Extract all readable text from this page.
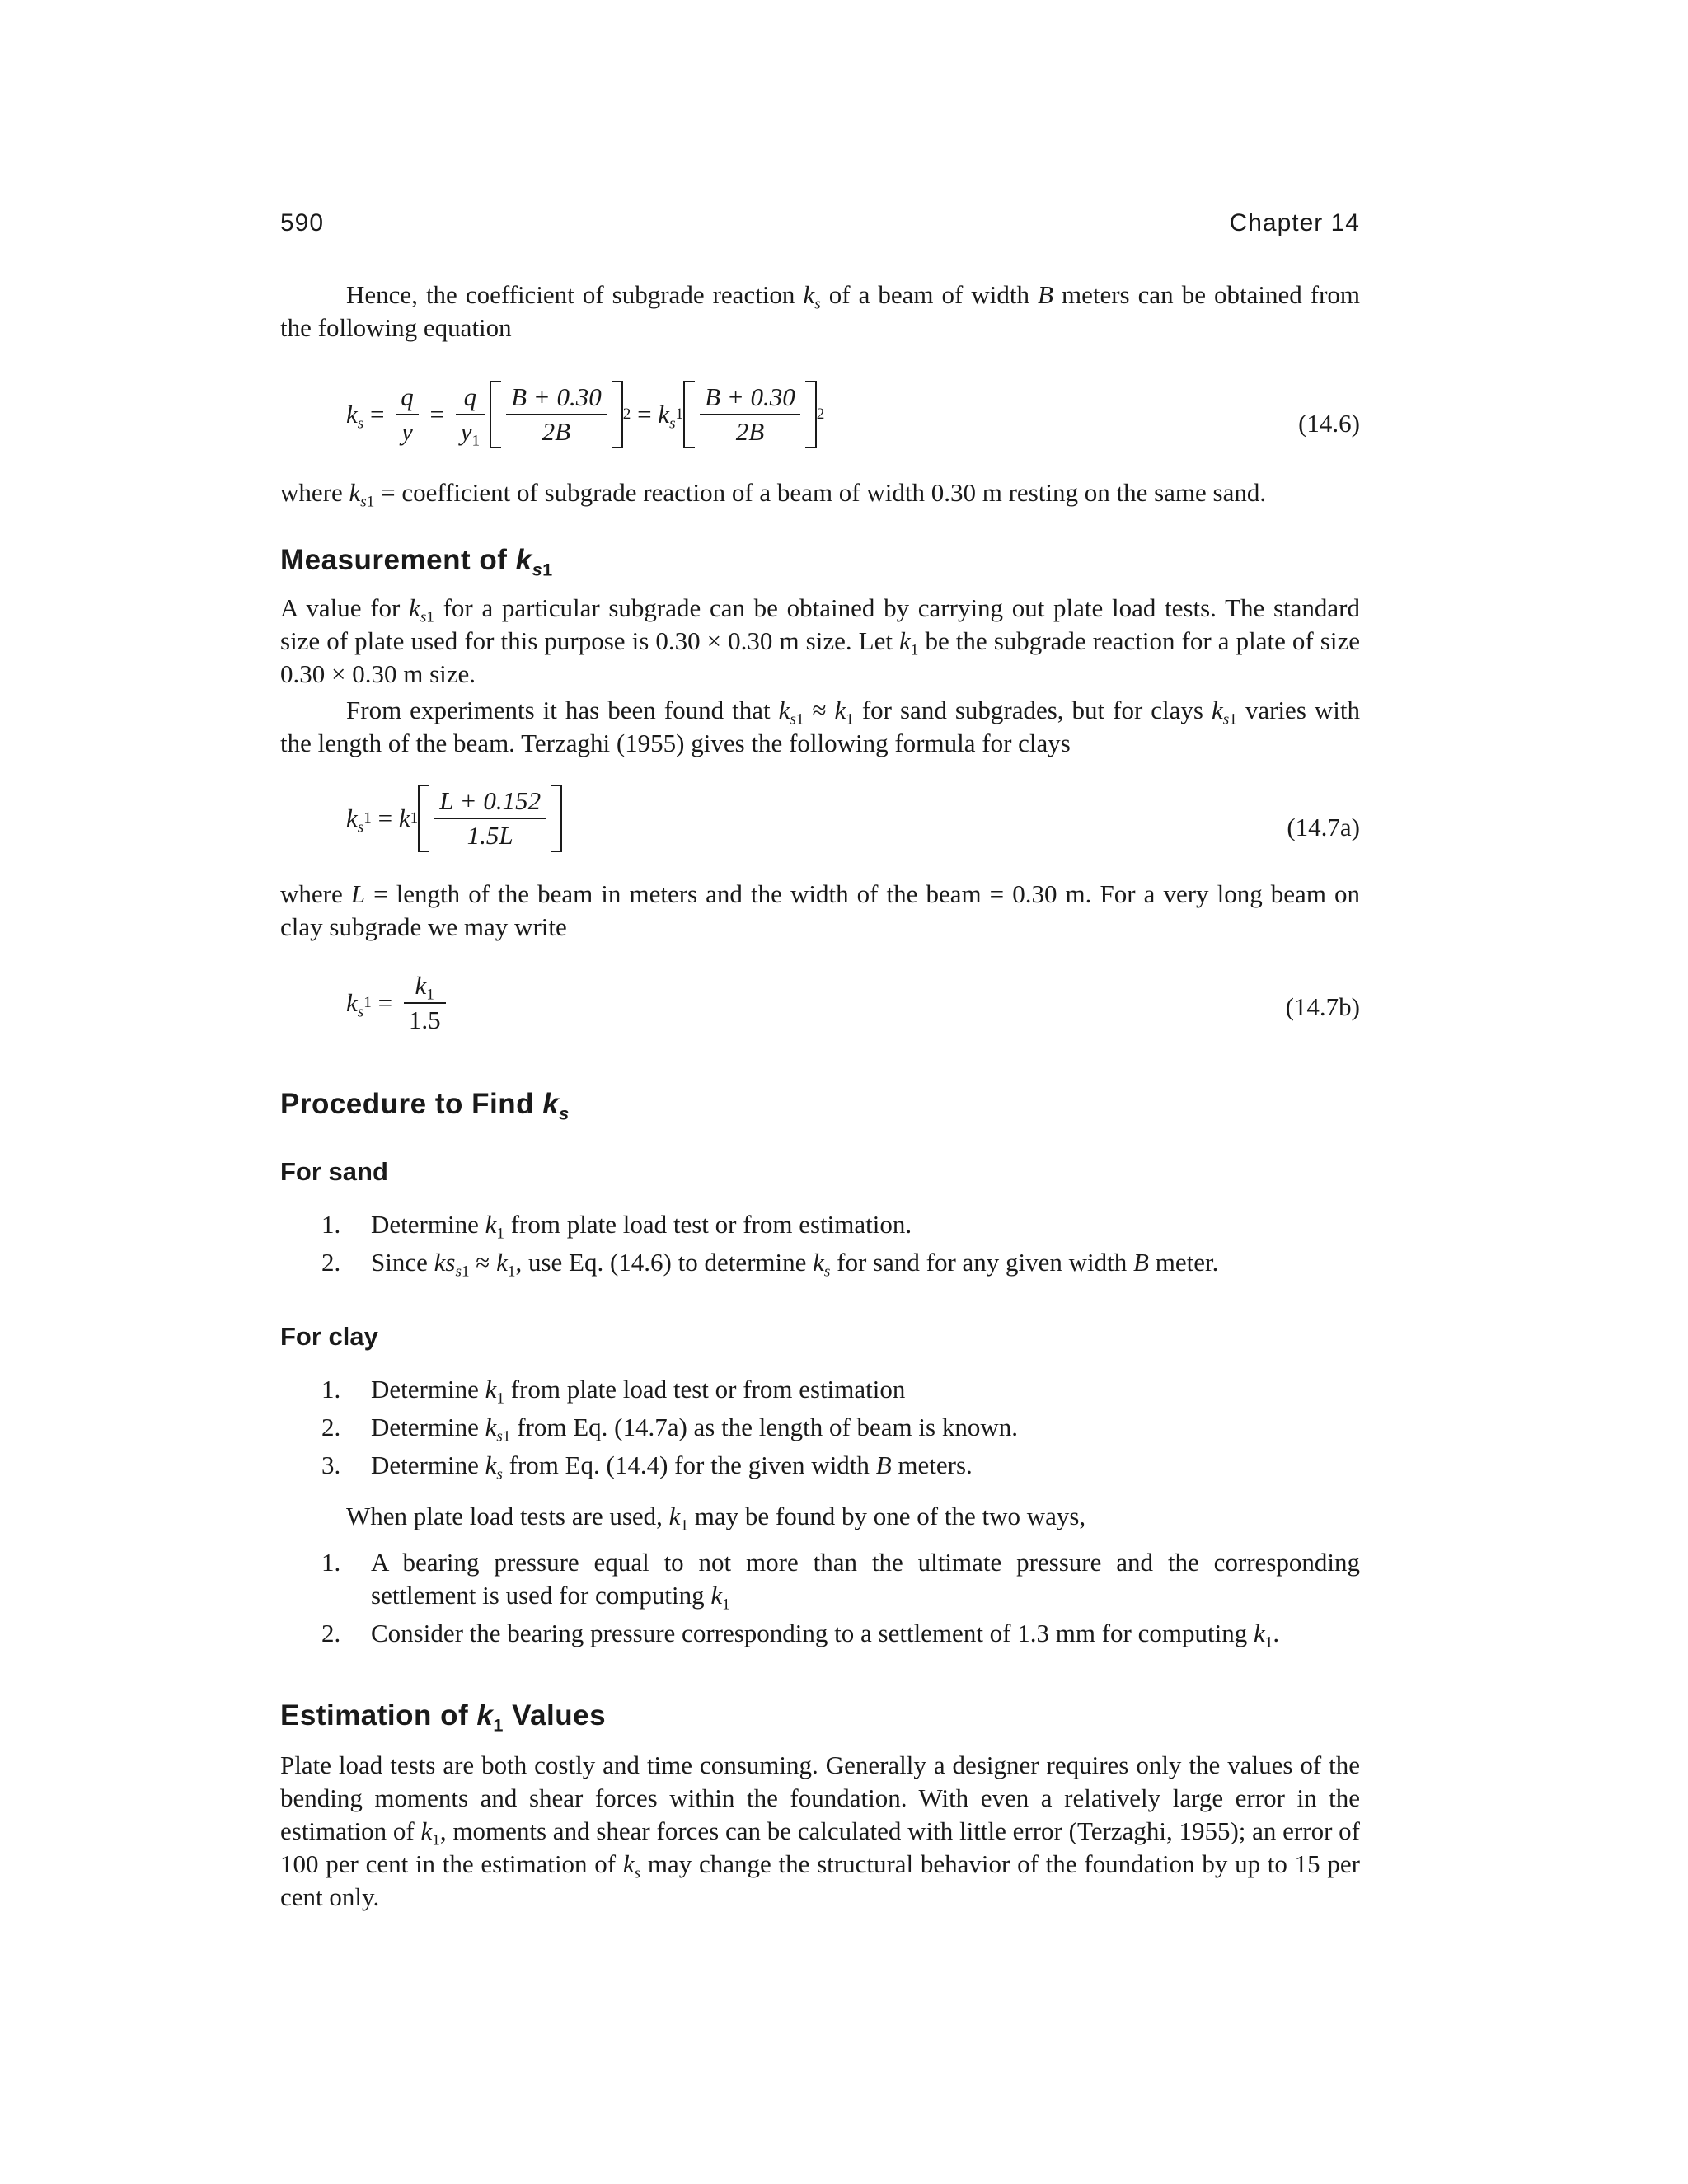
590	Chapter 14
Hence, the coefficient of subgrade reaction $k_s$ of a beam of width B meters can be obtained from the following equation
$k_s = \frac{q}{y} = \frac{q}{y_1} \frac{B + 0.30}{2B} 2 = k_s$
$1 \frac{B + 0.30}{2B} 2$	(14.6)
where $k_{s1}$ = coefficient of subgrade reaction of a beam of width 0.30 m resting on the same sand.
Measurement of $k_{s1}$
A value for $k_{s1}$ for a particular subgrade can be obtained by carrying out plate load tests. The standard size of plate used for this purpose is 0.30 × 0.30 m size. Let $k_1$ be the subgrade reaction for a plate of size 0.30 × 0.30 m size.
From experiments it has been found that $k_{s1} \approx k_1$ for sand subgrades, but for clays $k_{s1}$ varies with the length of the beam. Terzaghi (1955) gives the following formula for clays
$k_s$
1 = k $1 \frac{L + 0.152}{1.5L}$	(14.7a)
where L = length of the beam in meters and the width of the beam = 0.30 m. For a very long beam on clay subgrade we may write
$k_s$
$1 = \frac{k_1}{1.5}$	(14.7b)
Procedure to Find $k_s$
For sand
1.	Determine $k_1$ from plate load test or from estimation.
2.	Since $ks_{s1} \approx k_1$, use Eq. (14.6) to determine $k_s$ for sand for any given width B meter.
For clay
1.	Determine $k_1$ from plate load test or from estimation
2.	Determine $k_{s1}$ from Eq. (14.7a) as the length of beam is known.
3.	Determine $k_s$ from Eq. (14.4) for the given width B meters.
When plate load tests are used, $k_1$ may be found by one of the two ways,
1.	A bearing pressure equal to not more than the ultimate pressure and the corresponding settlement is used for computing $k_1$
2.	Consider the bearing pressure corresponding to a settlement of 1.3 mm for computing $k_1$.
Estimation of $k_1$ Values
Plate load tests are both costly and time consuming. Generally a designer requires only the values of the bending moments and shear forces within the foundation. With even a relatively large error in the estimation of $k_1$, moments and shear forces can be calculated with little error (Terzaghi, 1955); an error of 100 per cent in the estimation of $k_s$ may change the structural behavior of the foundation by up to 15 per cent only.
